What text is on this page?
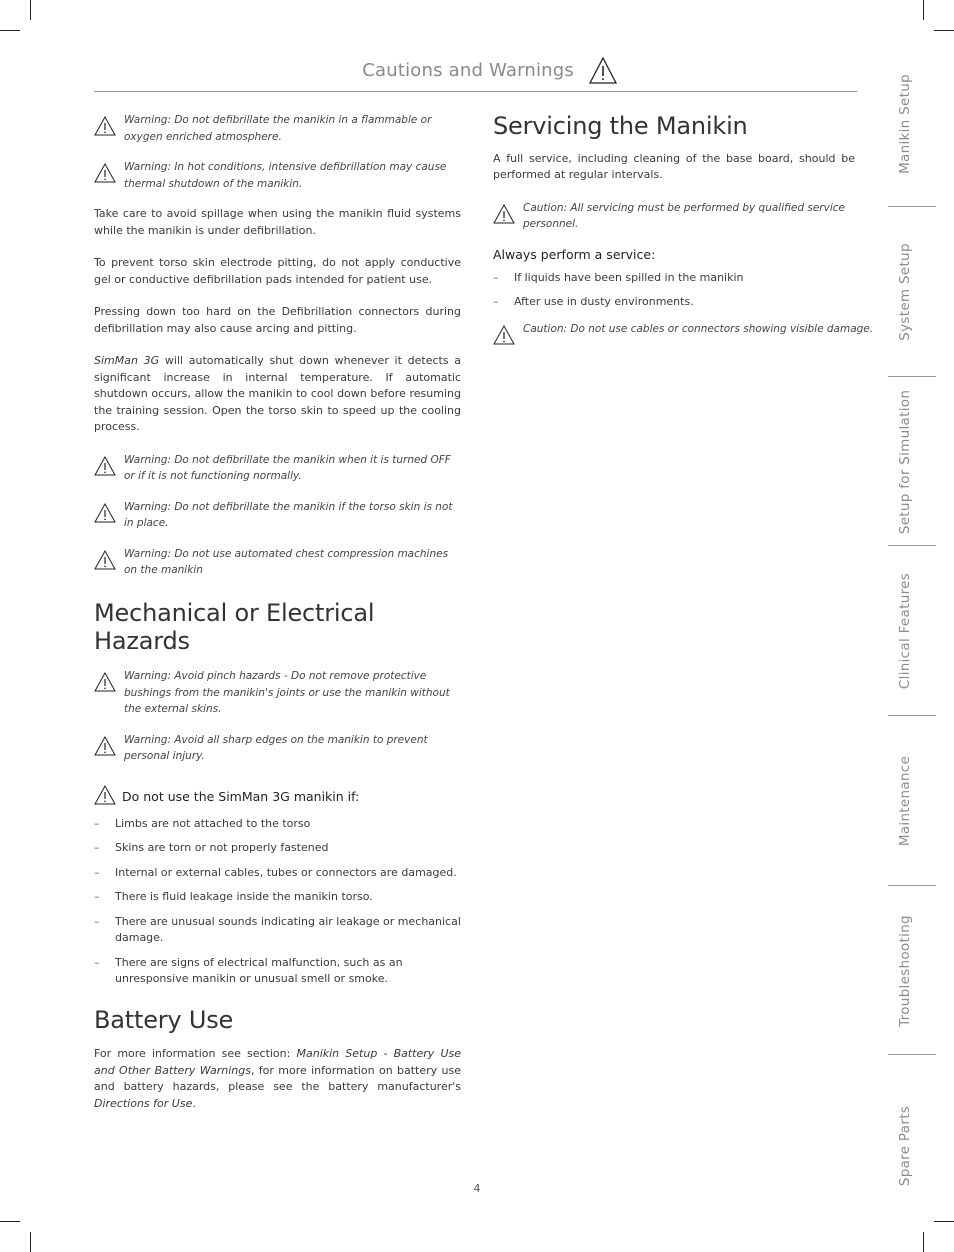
Cautions and Warnings
Warning: Do not defibrillate the manikin in a flammable or oxygen enriched atmosphere.
Warning: In hot conditions, intensive defibrillation may cause thermal shutdown of the manikin.

Take care to avoid spillage when using the manikin fluid systems while the manikin is under defibrillation.

To prevent torso skin electrode pitting, do not apply conductive gel or conductive defibrillation pads intended for patient use.

Pressing down too hard on the Defibrillation connectors during defibrillation may also cause arcing and pitting.

SimMan 3G will automatically shut down whenever it detects a significant increase in internal temperature. If automatic shutdown occurs, allow the manikin to cool down before resuming the training session. Open the torso skin to speed up the cooling process.

Warning: Do not defibrillate the manikin when it is turned OFF or if it is not functioning normally.
Warning: Do not defibrillate the manikin if the torso skin is not in place.
Warning: Do not use automated chest compression machines on the manikin
Mechanical or Electrical Hazards
Warning: Avoid pinch hazards - Do not remove protective bushings from the manikin's joints or use the manikin without the external skins.
Warning: Avoid all sharp edges on the manikin to prevent personal injury.
Do not use the SimMan 3G manikin if:
–	Limbs are not attached to the torso
–	Skins are torn or not properly fastened
–	Internal or external cables, tubes or connectors are damaged.
–	There is fluid leakage inside the manikin torso.
–	There are unusual sounds indicating air leakage or mechanical damage.
–	There are signs of electrical malfunction, such as an unresponsive manikin or unusual smell or smoke.
Battery Use

For more information see section: Manikin Setup - Battery Use and Other Battery Warnings, for more information on battery use and battery hazards, please see the battery manufacturer's Directions for Use.

Servicing the Manikin

A full service, including cleaning of the base board, should be performed at regular intervals.

Caution: All servicing must be performed by qualified service personnel.
Always perform a service:
–	If liquids have been spilled in the manikin
–	After use in dusty environments.
Caution: Do not use cables or connectors showing visible damage.
Manikin Setup
System Setup
Setup for Simulation
Clinical Features
Maintenance
Troubleshooting
Spare Parts
4
